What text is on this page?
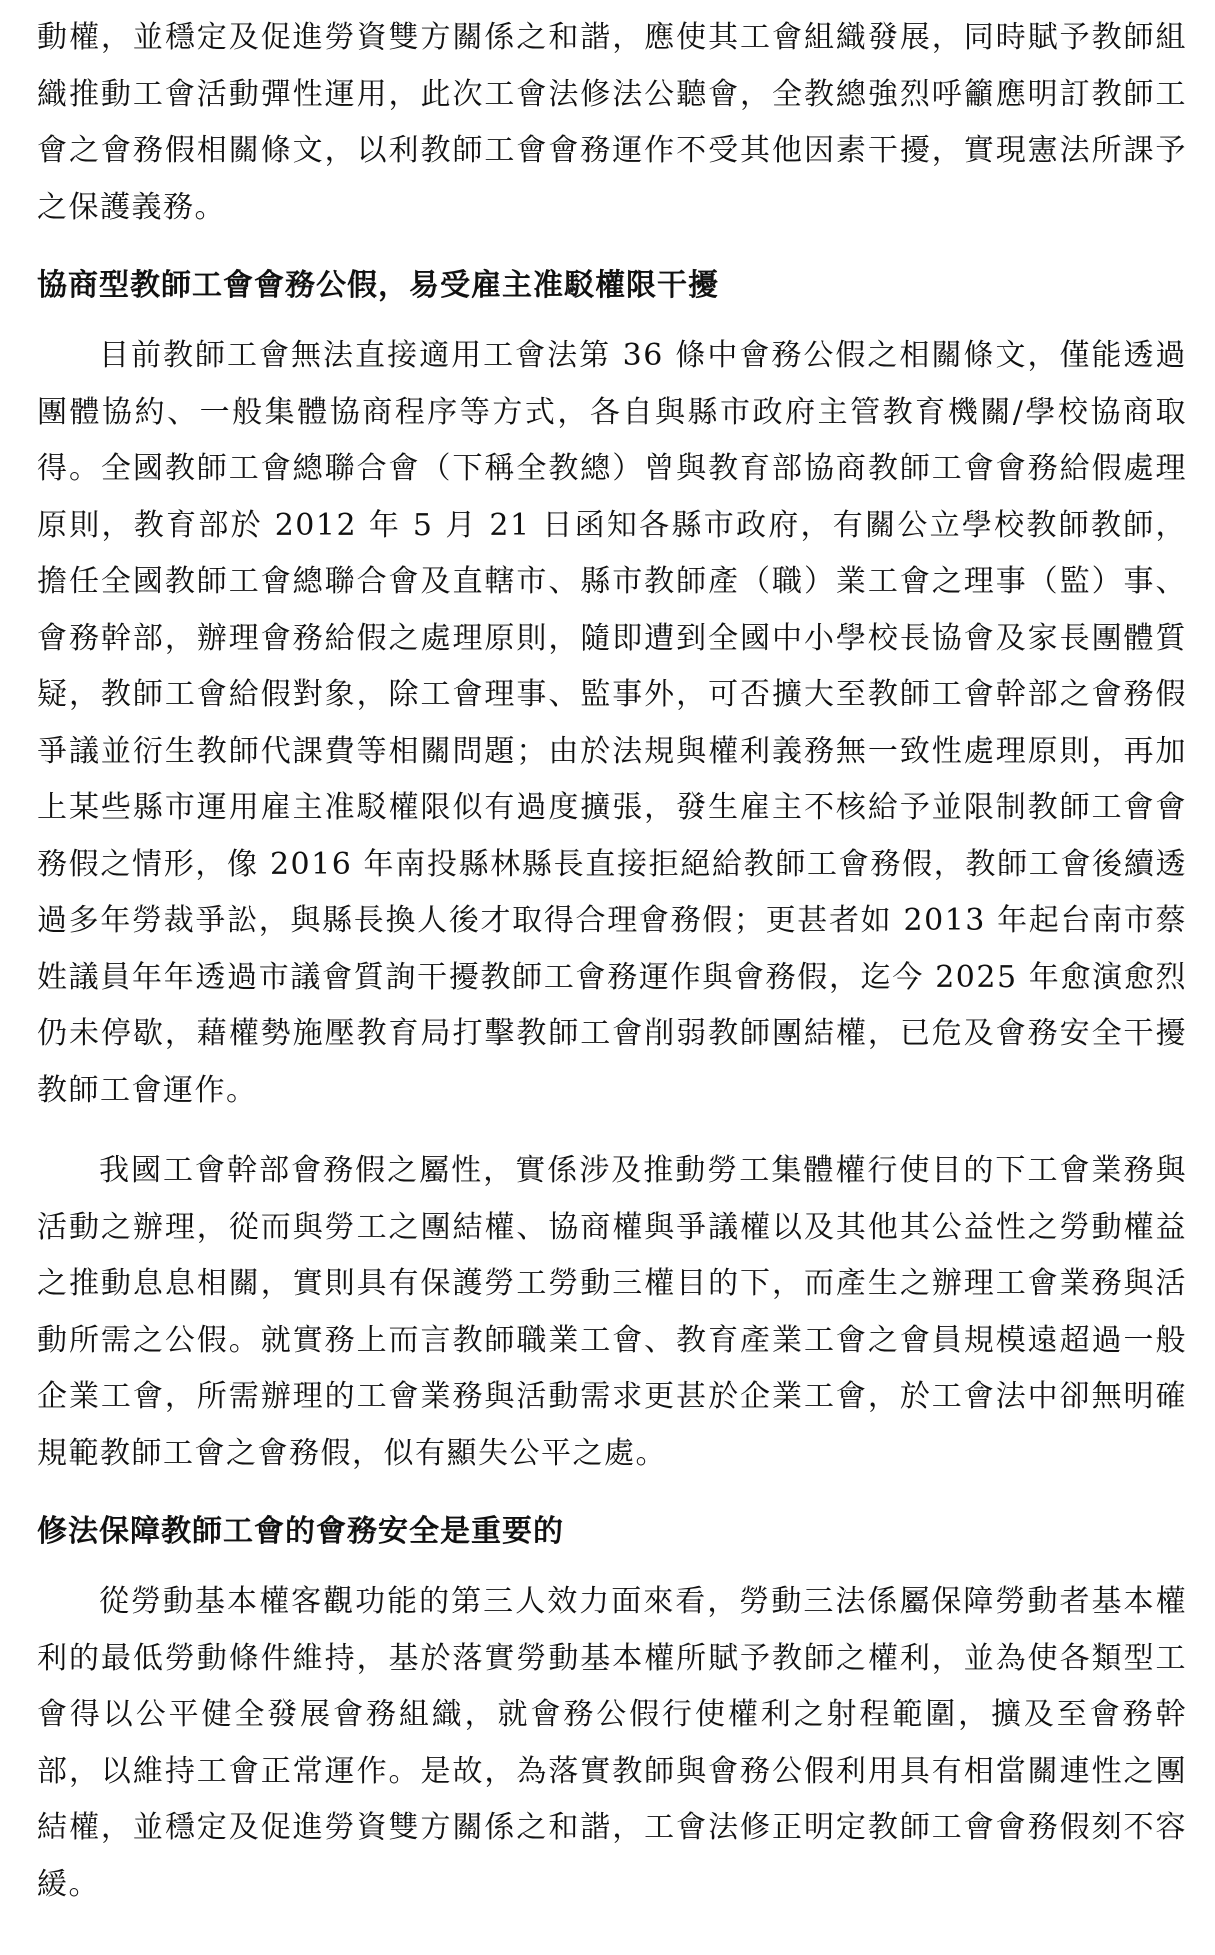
動權，並穩定及促進勞資雙方關係之和諧，應使其工會組織發展，同時賦予教師組織推動工會活動彈性運用，此次工會法修法公聽會，全教總強烈呼籲應明訂教師工會之會務假相關條文，以利教師工會會務運作不受其他因素干擾，實現憲法所課予之保護義務。

協商型教師工會會務公假，易受雇主准駁權限干擾

目前教師工會無法直接適用工會法第 36 條中會務公假之相關條文，僅能透過團體協約、一般集體協商程序等方式，各自與縣市政府主管教育機關/學校協商取得。全國教師工會總聯合會（下稱全教總）曾與教育部協商教師工會會務給假處理原則，教育部於 2012 年 5 月 21 日函知各縣市政府，有關公立學校教師教師，擔任全國教師工會總聯合會及直轄市、縣市教師產（職）業工會之理事（監）事、會務幹部，辦理會務給假之處理原則，隨即遭到全國中小學校長協會及家長團體質疑，教師工會給假對象，除工會理事、監事外，可否擴大至教師工會幹部之會務假爭議並衍生教師代課費等相關問題；由於法規與權利義務無一致性處理原則，再加上某些縣市運用雇主准駁權限似有過度擴張，發生雇主不核給予並限制教師工會會務假之情形，像 2016 年南投縣林縣長直接拒絕給教師工會務假，教師工會後續透過多年勞裁爭訟，與縣長換人後才取得合理會務假；更甚者如 2013 年起台南市蔡姓議員年年透過市議會質詢干擾教師工會務運作與會務假，迄今 2025 年愈演愈烈仍未停歇，藉權勢施壓教育局打擊教師工會削弱教師團結權，已危及會務安全干擾教師工會運作。

我國工會幹部會務假之屬性，實係涉及推動勞工集體權行使目的下工會業務與活動之辦理，從而與勞工之團結權、協商權與爭議權以及其他其公益性之勞動權益之推動息息相關，實則具有保護勞工勞動三權目的下，而產生之辦理工會業務與活動所需之公假。就實務上而言教師職業工會、教育產業工會之會員規模遠超過一般企業工會，所需辦理的工會業務與活動需求更甚於企業工會，於工會法中卻無明確規範教師工會之會務假，似有顯失公平之處。

修法保障教師工會的會務安全是重要的

從勞動基本權客觀功能的第三人效力面來看，勞動三法係屬保障勞動者基本權利的最低勞動條件維持，基於落實勞動基本權所賦予教師之權利，並為使各類型工會得以公平健全發展會務組織，就會務公假行使權利之射程範圍，擴及至會務幹部，以維持工會正常運作。是故，為落實教師與會務公假利用具有相當關連性之團結權，並穩定及促進勞資雙方關係之和諧，工會法修正明定教師工會會務假刻不容緩。
